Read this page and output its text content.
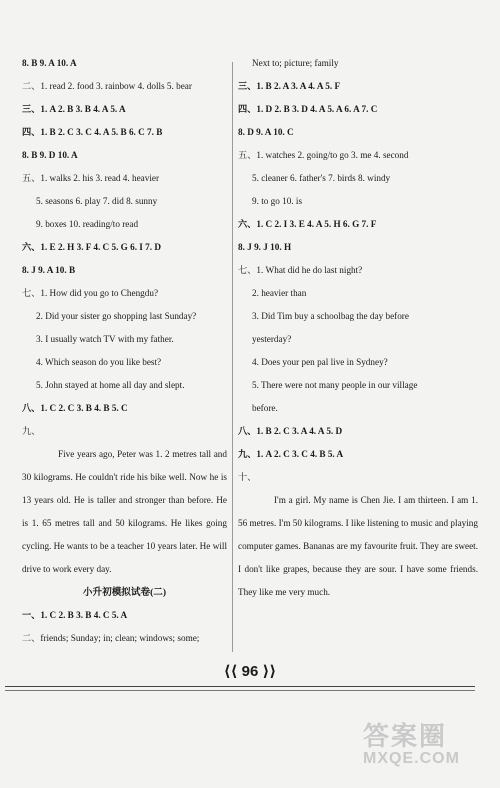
8. B 9. A 10. A
二、1. read 2. food 3. rainbow 4. dolls 5. bear
三、1. A 2. B 3. B 4. A 5. A
四、1. B 2. C 3. C 4. A 5. B 6. C 7. B
8. B 9. D 10. A
五、1. walks 2. his 3. read 4. heavier
5. seasons 6. play 7. did 8. sunny
9. boxes 10. reading/to read
六、1. E 2. H 3. F 4. C 5. G 6. I 7. D
8. J 9. A 10. B
七、1. How did you go to Chengdu?
2. Did your sister go shopping last Sunday?
3. I usually watch TV with my father.
4. Which season do you like best?
5. John stayed at home all day and slept.
八、1. C 2. C 3. B 4. B 5. C
九、

Five years ago, Peter was 1. 2 metres tall and 30 kilograms. He couldn't ride his bike well. Now he is 13 years old. He is taller and stronger than before. He is 1. 65 metres tall and 50 kilograms. He likes going cycling. He wants to be a teacher 10 years later. He will drive to work every day.

小升初模拟试卷(二)
一、1. C 2. B 3. B 4. C 5. A
二、friends; Sunday; in; clean; windows; some;
Next to; picture; family
三、1. B 2. A 3. A 4. A 5. F
四、1. D 2. B 3. D 4. A 5. A 6. A 7. C
8. D 9. A 10. C
五、1. watches 2. going/to go 3. me 4. second
5. cleaner 6. father's 7. birds 8. windy
9. to go 10. is
六、1. C 2. I 3. E 4. A 5. H 6. G 7. F
8. J 9. J 10. H
七、1. What did he do last night?
2. heavier than
3. Did Tim buy a schoolbag the day before
yesterday?
4. Does your pen pal live in Sydney?
5. There were not many people in our village
before.
八、1. B 2. C 3. A 4. A 5. D
九、1. A 2. C 3. C 4. B 5. A
十、

I'm a girl. My name is Chen Jie. I am thirteen. I am 1. 56 metres. I'm 50 kilograms. I like listening to music and playing computer games. Bananas are my favourite fruit. They are sweet. I don't like grapes, because they are sour. I have some friends. They like me very much.

⟨⟨ 96 ⟩⟩
答案圈
MXQE.COM
